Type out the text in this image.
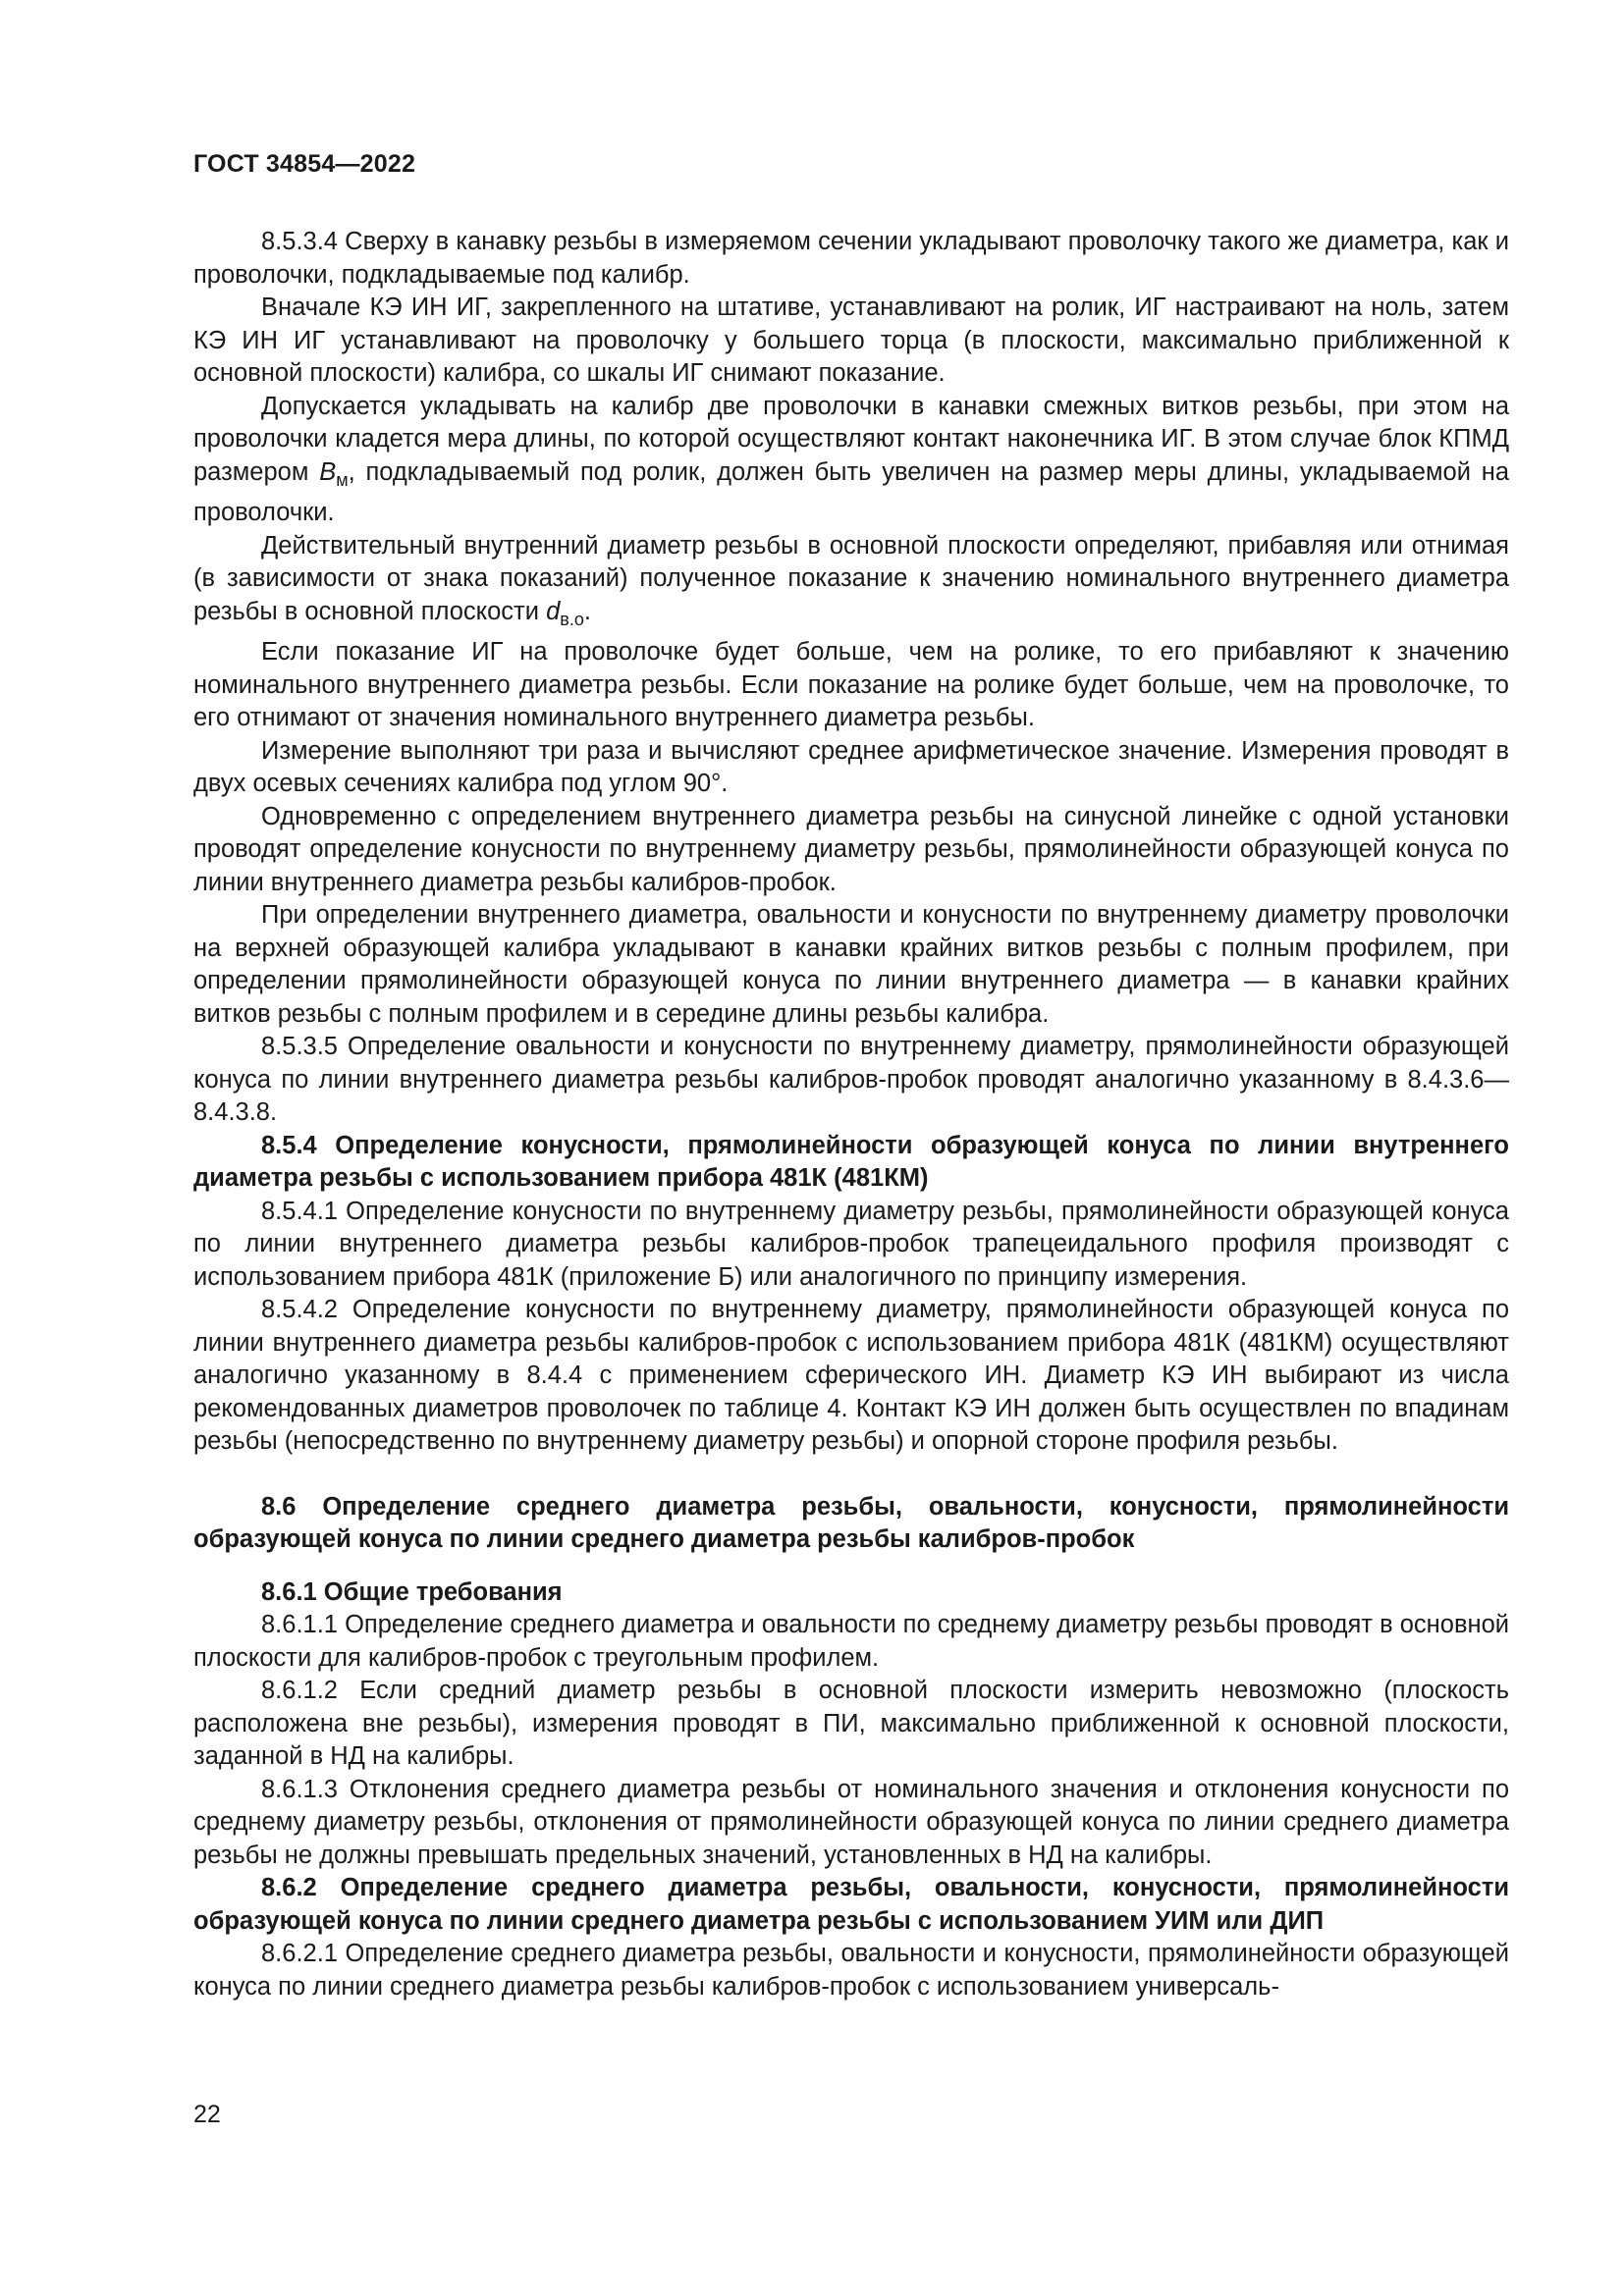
ГОСТ 34854—2022

8.5.3.4 Сверху в канавку резьбы в измеряемом сечении укладывают проволочку такого же диаметра, как и проволочки, подкладываемые под калибр.

Вначале КЭ ИН ИГ, закрепленного на штативе, устанавливают на ролик, ИГ настраивают на ноль, затем КЭ ИН ИГ устанавливают на проволочку у большего торца (в плоскости, максимально приближенной к основной плоскости) калибра, со шкалы ИГ снимают показание.

Допускается укладывать на калибр две проволочки в канавки смежных витков резьбы, при этом на проволочки кладется мера длины, по которой осуществляют контакт наконечника ИГ. В этом случае блок КПМД размером $B_м$, подкладываемый под ролик, должен быть увеличен на размер меры длины, укладываемой на проволочки.

Действительный внутренний диаметр резьбы в основной плоскости определяют, прибавляя или отнимая (в зависимости от знака показаний) полученное показание к значению номинального внутреннего диаметра резьбы в основной плоскости $d_{в.о}$.

Если показание ИГ на проволочке будет больше, чем на ролике, то его прибавляют к значению номинального внутреннего диаметра резьбы. Если показание на ролике будет больше, чем на проволочке, то его отнимают от значения номинального внутреннего диаметра резьбы.

Измерение выполняют три раза и вычисляют среднее арифметическое значение. Измерения проводят в двух осевых сечениях калибра под углом 90°.

Одновременно с определением внутреннего диаметра резьбы на синусной линейке с одной установки проводят определение конусности по внутреннему диаметру резьбы, прямолинейности образующей конуса по линии внутреннего диаметра резьбы калибров-пробок.

При определении внутреннего диаметра, овальности и конусности по внутреннему диаметру проволочки на верхней образующей калибра укладывают в канавки крайних витков резьбы с полным профилем, при определении прямолинейности образующей конуса по линии внутреннего диаметра — в канавки крайних витков резьбы с полным профилем и в середине длины резьбы калибра.

8.5.3.5 Определение овальности и конусности по внутреннему диаметру, прямолинейности образующей конуса по линии внутреннего диаметра резьбы калибров-пробок проводят аналогично указанному в 8.4.3.6—8.4.3.8.

8.5.4 Определение конусности, прямолинейности образующей конуса по линии внутреннего диаметра резьбы с использованием прибора 481К (481КМ)

8.5.4.1 Определение конусности по внутреннему диаметру резьбы, прямолинейности образующей конуса по линии внутреннего диаметра резьбы калибров-пробок трапецеидального профиля производят с использованием прибора 481К (приложение Б) или аналогичного по принципу измерения.

8.5.4.2 Определение конусности по внутреннему диаметру, прямолинейности образующей конуса по линии внутреннего диаметра резьбы калибров-пробок с использованием прибора 481К (481КМ) осуществляют аналогично указанному в 8.4.4 с применением сферического ИН. Диаметр КЭ ИН выбирают из числа рекомендованных диаметров проволочек по таблице 4. Контакт КЭ ИН должен быть осуществлен по впадинам резьбы (непосредственно по внутреннему диаметру резьбы) и опорной стороне профиля резьбы.

8.6 Определение среднего диаметра резьбы, овальности, конусности, прямолинейности образующей конуса по линии среднего диаметра резьбы калибров-пробок

8.6.1 Общие требования

8.6.1.1 Определение среднего диаметра и овальности по среднему диаметру резьбы проводят в основной плоскости для калибров-пробок с треугольным профилем.

8.6.1.2 Если средний диаметр резьбы в основной плоскости измерить невозможно (плоскость расположена вне резьбы), измерения проводят в ПИ, максимально приближенной к основной плоскости, заданной в НД на калибры.

8.6.1.3 Отклонения среднего диаметра резьбы от номинального значения и отклонения конусности по среднему диаметру резьбы, отклонения от прямолинейности образующей конуса по линии среднего диаметра резьбы не должны превышать предельных значений, установленных в НД на калибры.

8.6.2 Определение среднего диаметра резьбы, овальности, конусности, прямолинейности образующей конуса по линии среднего диаметра резьбы с использованием УИМ или ДИП

8.6.2.1 Определение среднего диаметра резьбы, овальности и конусности, прямолинейности образующей конуса по линии среднего диаметра резьбы калибров-пробок с использованием универсаль-

22
